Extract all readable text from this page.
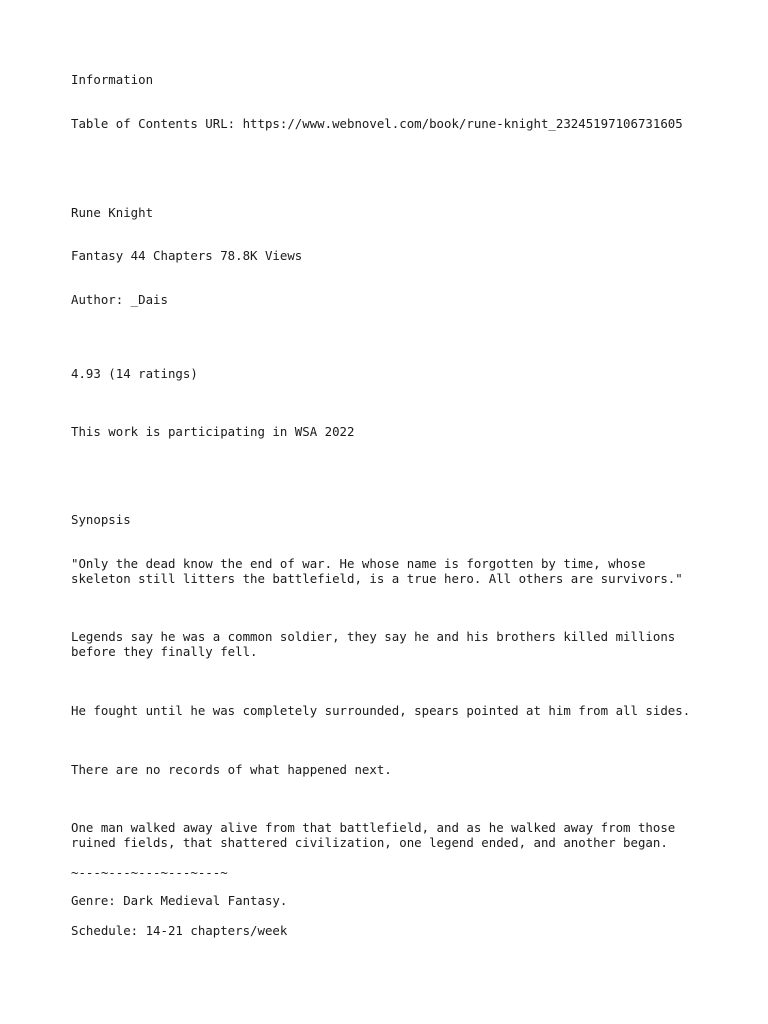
Information

Table of Contents URL: https://www.webnovel.com/book/rune-knight_23245197106731605

Rune Knight

Fantasy 44 Chapters 78.8K Views

Author: _Dais

4.93 (14 ratings)

This work is participating in WSA 2022

Synopsis

"Only the dead know the end of war. He whose name is forgotten by time, whose skeleton still litters the battlefield, is a true hero. All others are survivors."

Legends say he was a common soldier, they say he and his brothers killed millions before they finally fell.

He fought until he was completely surrounded, spears pointed at him from all sides.

There are no records of what happened next.

One man walked away alive from that battlefield, and as he walked away from those ruined fields, that shattered civilization, one legend ended, and another began.

~---~---~---~---~---~

Genre: Dark Medieval Fantasy.

Schedule: 14-21 chapters/week
